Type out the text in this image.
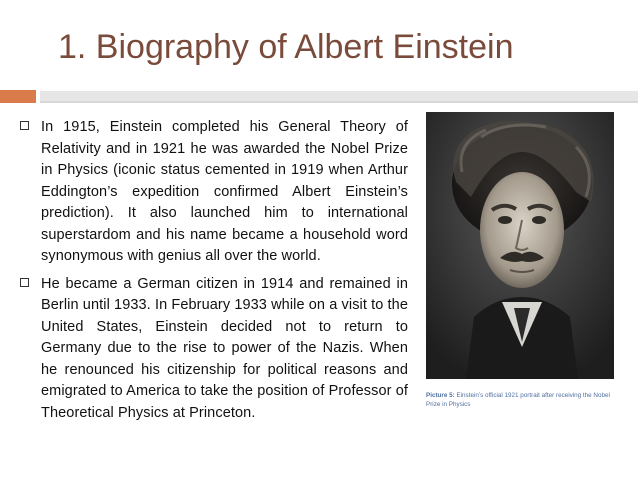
1. Biography of Albert Einstein
In 1915, Einstein completed his General Theory of Relativity and in 1921 he was awarded the Nobel Prize in Physics (iconic status cemented in 1919 when Arthur Eddington’s expedition confirmed Albert Einstein’s prediction). It also launched him to international superstardom and his name became a household word synonymous with genius all over the world.
He became a German citizen in 1914 and remained in Berlin until 1933. In February 1933 while on a visit to the United States, Einstein decided not to return to Germany due to the rise to power of the Nazis. When he renounced his citizenship for political reasons and emigrated to America to take the position of Professor of Theoretical Physics at Princeton.
Picture 5: Einstein’s official 1921 portrait after receiving the Nobel Prize in Physics
